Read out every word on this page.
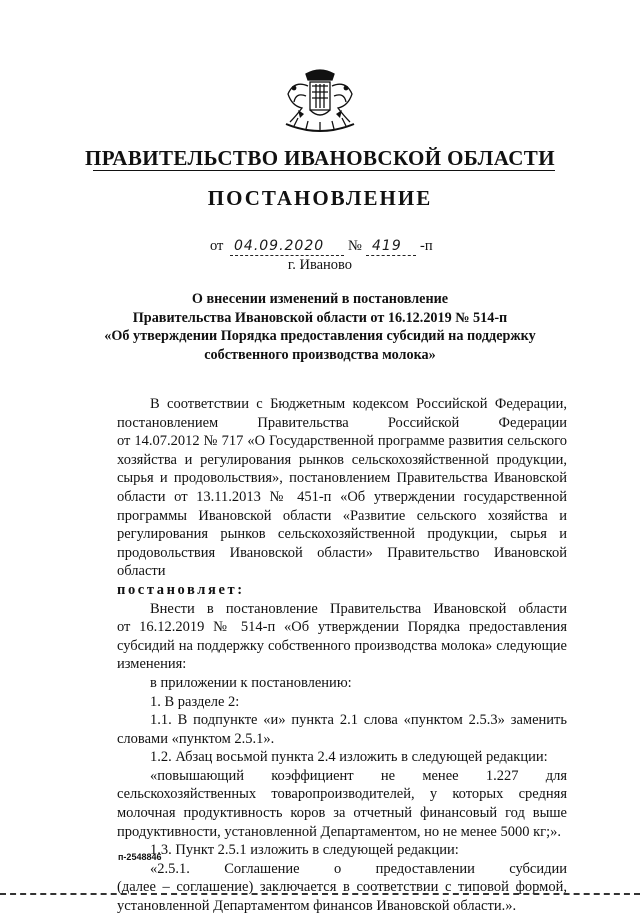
ПРАВИТЕЛЬСТВО ИВАНОВСКОЙ ОБЛАСТИ
ПОСТАНОВЛЕНИЕ
от 04.09.2020 № 419 -п
г. Иваново
О внесении изменений в постановление
Правительства Ивановской области от 16.12.2019 № 514-п
«Об утверждении Порядка предоставления субсидий на поддержку
собственного производства молока»

В соответствии с Бюджетным кодексом Российской Федерации,

постановлением Правительства Российской Федерации

от 14.07.2012 № 717 «О Государственной программе развития сельского

хозяйства и регулирования рынков сельскохозяйственной продукции,

сырья и продовольствия», постановлением Правительства Ивановской

области от 13.11.2013 № 451-п «Об утверждении государственной

программы Ивановской области «Развитие сельского хозяйства и

регулирования рынков сельскохозяйственной продукции, сырья и

продовольствия Ивановской области» Правительство Ивановской области

постановляет:

Внести в постановление Правительства Ивановской области

от 16.12.2019 № 514-п «Об утверждении Порядка предоставления

субсидий на поддержку собственного производства молока» следующие

изменения:

в приложении к постановлению:

1. В разделе 2:

1.1. В подпункте «и» пункта 2.1 слова «пунктом 2.5.3» заменить

словами «пунктом 2.5.1».

1.2. Абзац восьмой пункта 2.4 изложить в следующей редакции:

«повышающий коэффициент не менее 1.227 для

сельскохозяйственных товаропроизводителей, у которых средняя

молочная продуктивность коров за отчетный финансовый год выше

продуктивности, установленной Департаментом, но не менее 5000 кг;».

1.3. Пункт 2.5.1 изложить в следующей редакции:

«2.5.1. Соглашение о предоставлении субсидии

(далее – соглашение) заключается в соответствии с типовой формой,

установленной Департаментом финансов Ивановской области.».

п-2548846
